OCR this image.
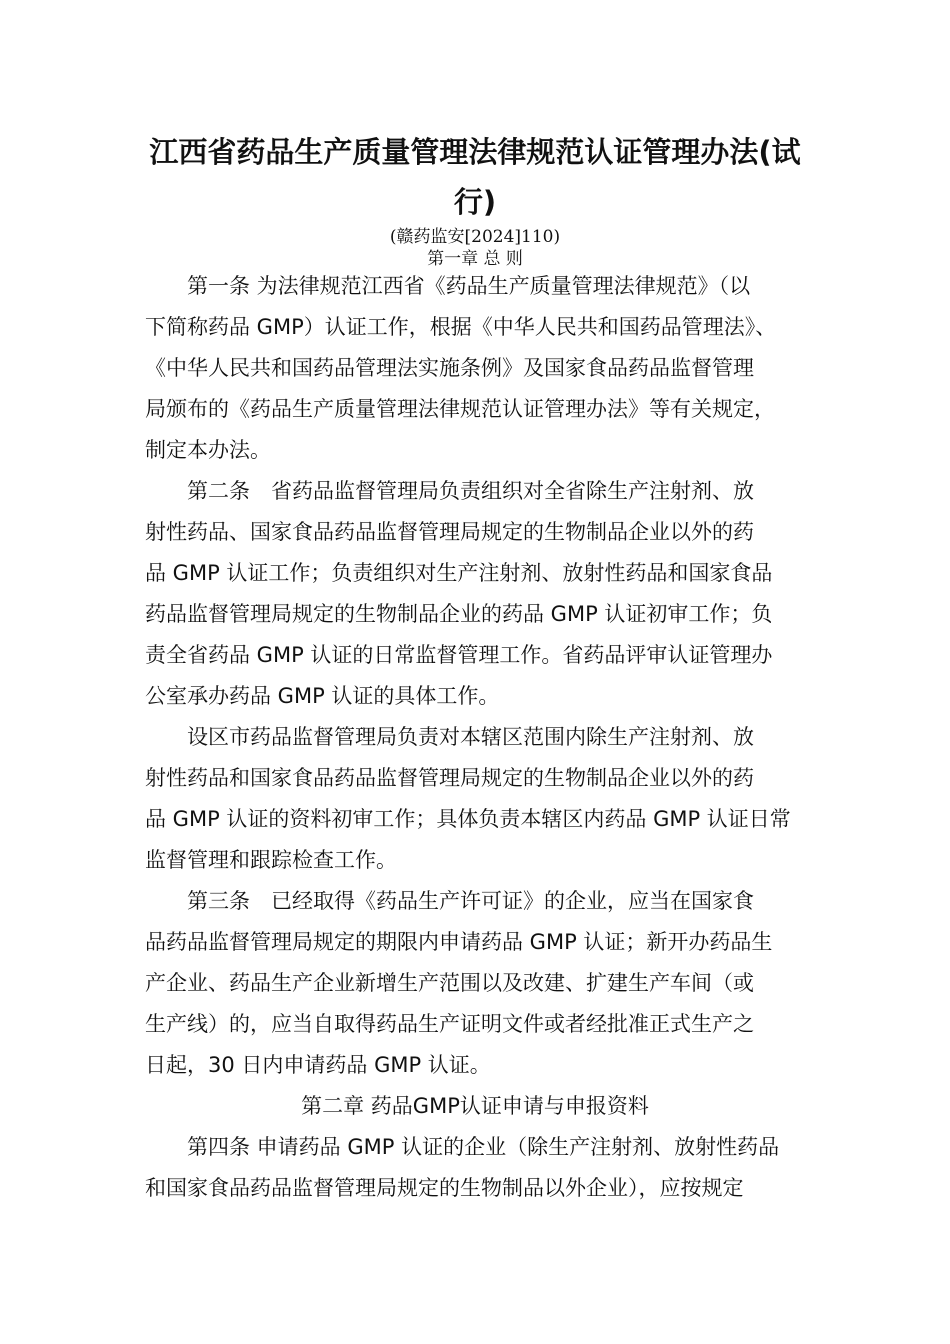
江西省药品生产质量管理法律规范认证管理办法(试
行)
(赣药监安[2024]110)
第一章 总 则
第一条 为法律规范江西省《药品生产质量管理法律规范》（以
下简称药品 GMP）认证工作，根据《中华人民共和国药品管理法》、
《中华人民共和国药品管理法实施条例》及国家食品药品监督管理
局颁布的《药品生产质量管理法律规范认证管理办法》等有关规定，
制定本办法。
第二条　省药品监督管理局负责组织对全省除生产注射剂、放
射性药品、国家食品药品监督管理局规定的生物制品企业以外的药
品 GMP 认证工作；负责组织对生产注射剂、放射性药品和国家食品
药品监督管理局规定的生物制品企业的药品 GMP 认证初审工作；负
责全省药品 GMP 认证的日常监督管理工作。省药品评审认证管理办
公室承办药品 GMP 认证的具体工作。
设区市药品监督管理局负责对本辖区范围内除生产注射剂、放
射性药品和国家食品药品监督管理局规定的生物制品企业以外的药
品 GMP 认证的资料初审工作；具体负责本辖区内药品 GMP 认证日常
监督管理和跟踪检查工作。
第三条　已经取得《药品生产许可证》的企业，应当在国家食
品药品监督管理局规定的期限内申请药品 GMP 认证；新开办药品生
产企业、药品生产企业新增生产范围以及改建、扩建生产车间（或
生产线）的，应当自取得药品生产证明文件或者经批准正式生产之
日起，30 日内申请药品 GMP 认证。
第二章 药品GMP认证申请与申报资料
第四条 申请药品 GMP 认证的企业（除生产注射剂、放射性药品
和国家食品药品监督管理局规定的生物制品以外企业），应按规定
